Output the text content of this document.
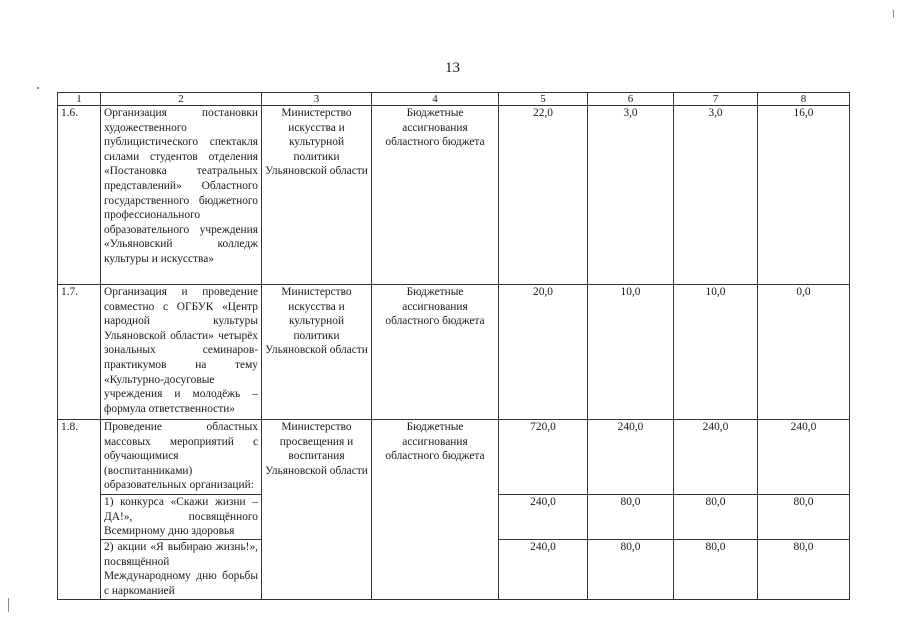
13
1	2	3	4	5	6	7	8
1.6.	Организация постановки художественного публицистического спектакля силами студентов отделения «Постановка театральных представлений» Областного государственного бюджетного профессионального образовательного учреждения «Ульяновский колледж культуры и искусства»	Министерство искусства и культурной политики Ульяновской области	Бюджетные ассигнования областного бюджета	22,0	3,0	3,0	16,0
1.7.	Организация и проведение совместно с ОГБУК «Центр народной культуры Ульяновской области» четырёх зональных семинаров-практикумов на тему «Культурно-досуговые учреждения и молодёжь – формула ответственности»	Министерство искусства и культурной политики Ульяновской области	Бюджетные ассигнования областного бюджета	20,0	10,0	10,0	0,0
1.8.	Проведение областных массовых мероприятий с обучающимися (воспитанниками) образовательных организаций:	Министерство просвещения и воспитания Ульяновской области	Бюджетные ассигнования областного бюджета	720,0	240,0	240,0	240,0
	1) конкурса «Скажи жизни – ДА!», посвящённого Всемирному дню здоровья			240,0	80,0	80,0	80,0
	2) акции «Я выбираю жизнь!», посвящённой Международному дню борьбы с наркоманией			240,0	80,0	80,0	80,0
